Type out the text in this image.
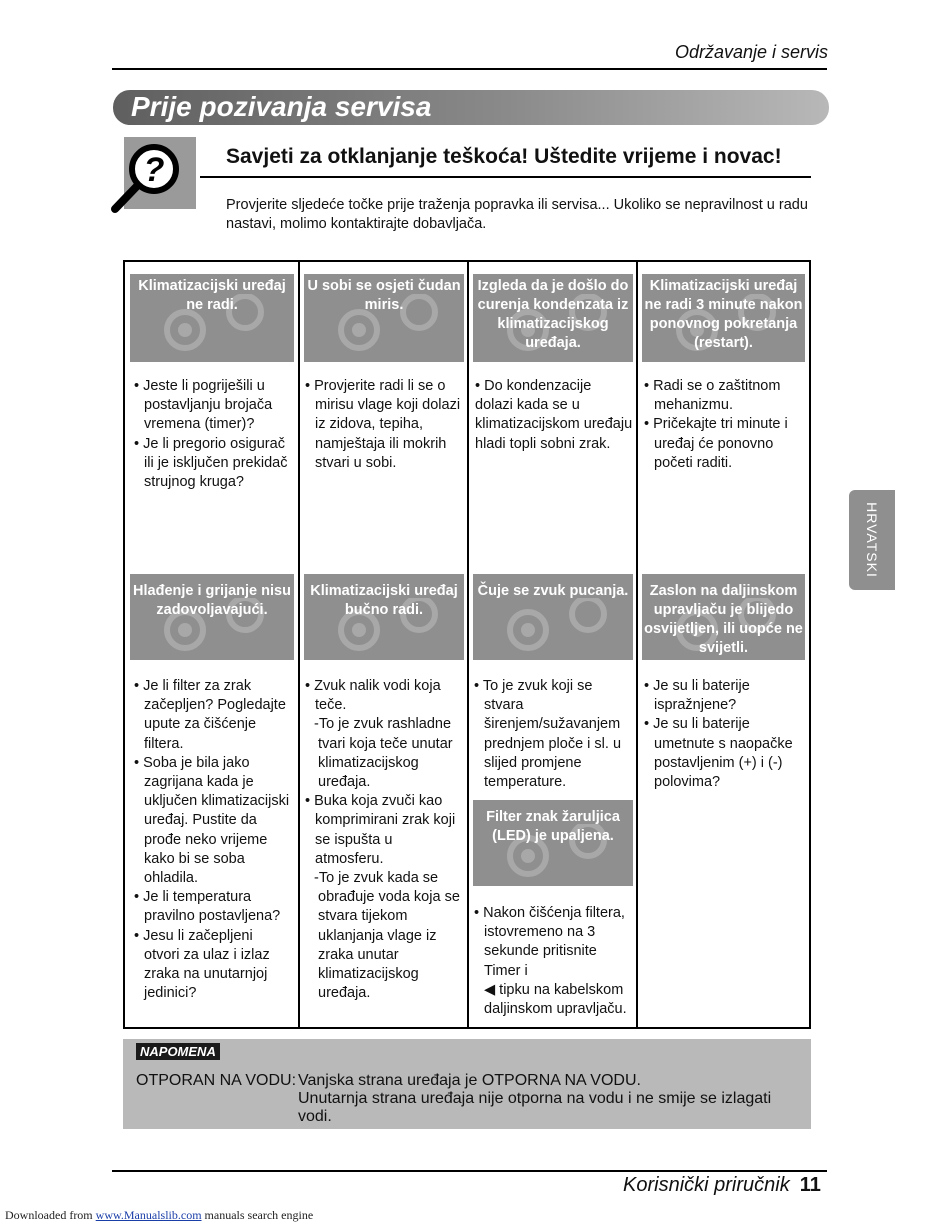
Održavanje i servis
Prije pozivanja servisa
?	Savjeti za otklanjanje teškoća! Uštedite vrijeme i novac!
Provjerite sljedeće točke prije traženja popravka ili servisa... Ukoliko se nepravilnost u radu nastavi, molimo kontaktirajte dobavljača.
Klimatizacijski uređaj ne radi.
U sobi se osjeti čudan miris.
Izgleda da je došlo do curenja kondenzata iz klimatizacijskog uređaja.
Klimatizacijski uređaj ne radi 3 minute nakon ponovnog pokretanja (restart).
• Jeste li pogriješili u postavljanju brojača vremena (timer)?
• Je li pregorio osigurač ili je isključen prekidač strujnog kruga?
• Provjerite radi li se o mirisu vlage koji dolazi iz zidova, tepiha, namještaja ili mokrih stvari u sobi.
• Do kondenzacije dolazi kada se u klimatizacijskom uređaju hladi topli sobni zrak.
• Radi se o zaštitnom mehanizmu.
• Pričekajte tri minute i uređaj će ponovno početi raditi.
Hlađenje i grijanje nisu zadovoljavajući.
Klimatizacijski uređaj bučno radi.
Čuje se zvuk pucanja.	Zaslon na daljinskom upravljaču je blijedo osvijetljen, ili uopće ne svijetli.
• Je li filter za zrak začepljen? Pogledajte upute za čišćenje filtera.
• Soba je bila jako zagrijana kada je uključen klimatizacijski uređaj. Pustite da prođe neko vrijeme kako bi se soba ohladila.
• Je li temperatura pravilno postavljena?
• Jesu li začepljeni otvori za ulaz i izlaz zraka na unutarnjoj jedinici?
• Zvuk nalik vodi koja teče.
-To je zvuk rashladne tvari koja teče unutar klimatizacijskog uređaja.
• Buka koja zvuči kao komprimirani zrak koji se ispušta u atmosferu.
-To je zvuk kada se obrađuje voda koja se stvara tijekom uklanjanja vlage iz zraka unutar klimatizacijskog uređaja.
• To je zvuk koji se stvara širenjem/sužavanjem prednjem ploče i sl. u slijed promjene temperature.
Filter znak žaruljica (LED) je upaljena.
• Nakon čišćenja filtera, istovremeno na 3 sekunde pritisnite Timer i
◀ tipku na kabelskom daljinskom upravljaču.
• Je su li baterije ispražnjene?
• Je su li baterije umetnute s naopačke postavljenim (+) i (-) polovima?
HRVATSKI
NAPOMENA
OTPORAN NA VODU: Vanjska strana uređaja je OTPORNA NA VODU.
Unutarnja strana uređaja nije otporna na vodu i ne smije se izlagati vodi.
Korisnički priručnik 11
Downloaded from www.Manualslib.com manuals search engine
